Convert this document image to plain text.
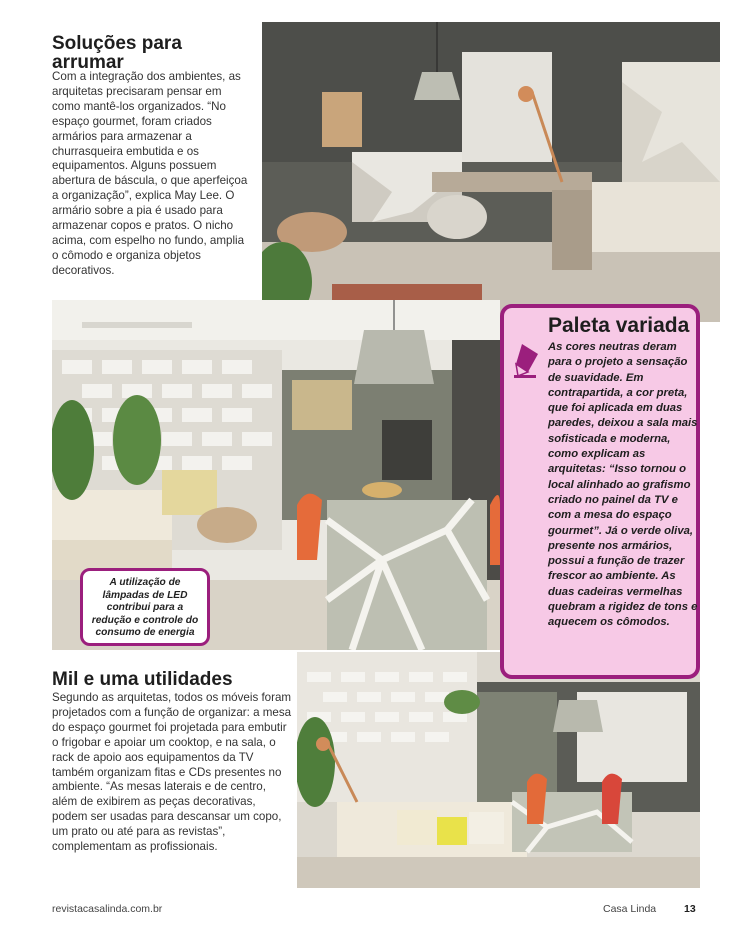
Soluções para arrumar
Com a integração dos ambientes, as arquitetas precisaram pensar em como mantê-los organizados. “No espaço gourmet, foram criados armários para armazenar a churrasqueira embutida e os equipamentos. Alguns possuem abertura de báscula, o que aperfeiçoa a organização”, explica May Lee. O armário sobre a pia é usado para armazenar copos e pratos. O nicho acima, com espelho no fundo, amplia o cômodo e organiza objetos decorativos.
A utilização de lâmpadas de LED contribui para a redução e controle do consumo de energia
Paleta variada
As cores neutras deram para o projeto a sensação de suavidade. Em contrapartida, a cor preta, que foi aplicada em duas paredes, deixou a sala mais sofisticada e moderna, como explicam as arquitetas: “Isso tornou o local alinhado ao grafismo criado no painel da TV e com a mesa do espaço gourmet”. Já o verde oliva, presente nos armários, possui a função de trazer frescor ao ambiente. As duas cadeiras vermelhas quebram a rigidez de tons e aquecem os cômodos.
Mil e uma utilidades
Segundo as arquitetas, todos os móveis foram projetados com a função de organizar: a mesa do espaço gourmet foi projetada para embutir o frigobar e apoiar um cooktop, e na sala, o rack de apoio aos equipamentos da TV também organizam fitas e CDs presentes no ambiente. “As mesas laterais e de centro, além de exibirem as peças decorativas, podem ser usadas para descansar um copo, um prato ou até para as revistas”, complementam as profissionais.
revistacasalinda.com.br	Casa Linda	13
